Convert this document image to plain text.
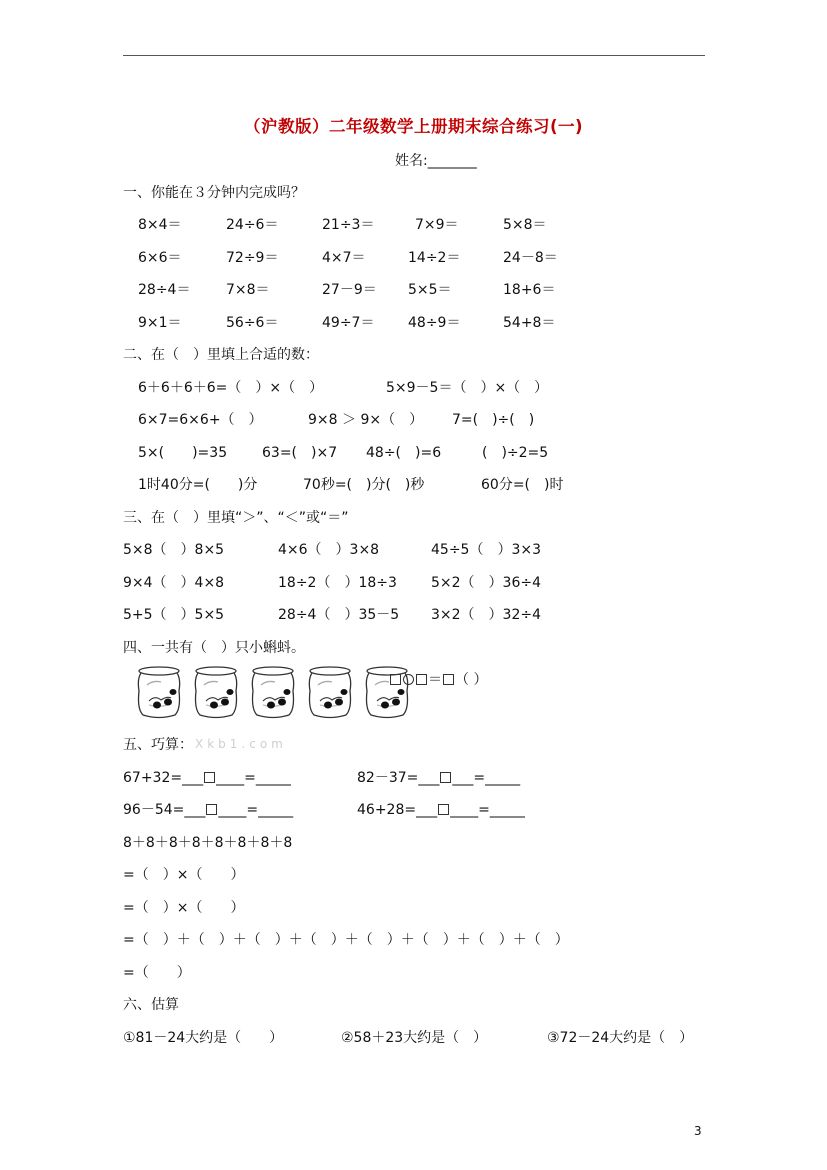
（沪教版）二年级数学上册期末综合练习(一)
姓名:_______
一、你能在３分钟内完成吗？
8×4＝	24÷6＝	21÷3＝	7×9＝	5×8＝
6×6＝	72÷9＝	4×7＝	14÷2＝	24－8＝
28÷4＝	7×8＝	27－9＝ 5×5＝	18+6＝
9×1＝	56÷6＝	49÷7＝ 48÷9＝	54+8＝
二、在（　）里填上合适的数：
6＋6＋6＋6=（　）×（　）	5×9－5＝（　）×（　）
6×7=6×6+（　）	9×8 ＞ 9×（　） 7=(　)÷(　)
5×(　　)=35 63=(　)×7 48÷(　)=6	(　)÷2=5
1时40分=(　　)分	70秒=(　)分(　)秒	60分=(　)时
三、在（　）里填“＞”、“＜”或“＝”
5×8（　）8×5	4×6（　）3×8	45÷5（　）3×3
9×4（　）4×8	18÷2（　）18÷3 5×2（　）36÷4
5+5（　）5×5	28÷4（　）35－5 3×2（　）32÷4
四、一共有（　）只小蝌蚪。
＝ （ ）
五、巧算： Xkb1.com
67+32=___ ____=_____	82－37=___ ___=_____
96－54=___ ____=_____	46+28=___ ____=_____
8＋8＋8＋8＋8＋8＋8＋8
=（　）×（　　）
=（　）×（　　）
=（　）＋（　）＋（　）＋（　）＋（　）＋（　）＋（　）＋（　）
=（　　）
六、估算
①81－24大约是（　　）	②58＋23大约是（　）	③72－24大约是（　）
3
